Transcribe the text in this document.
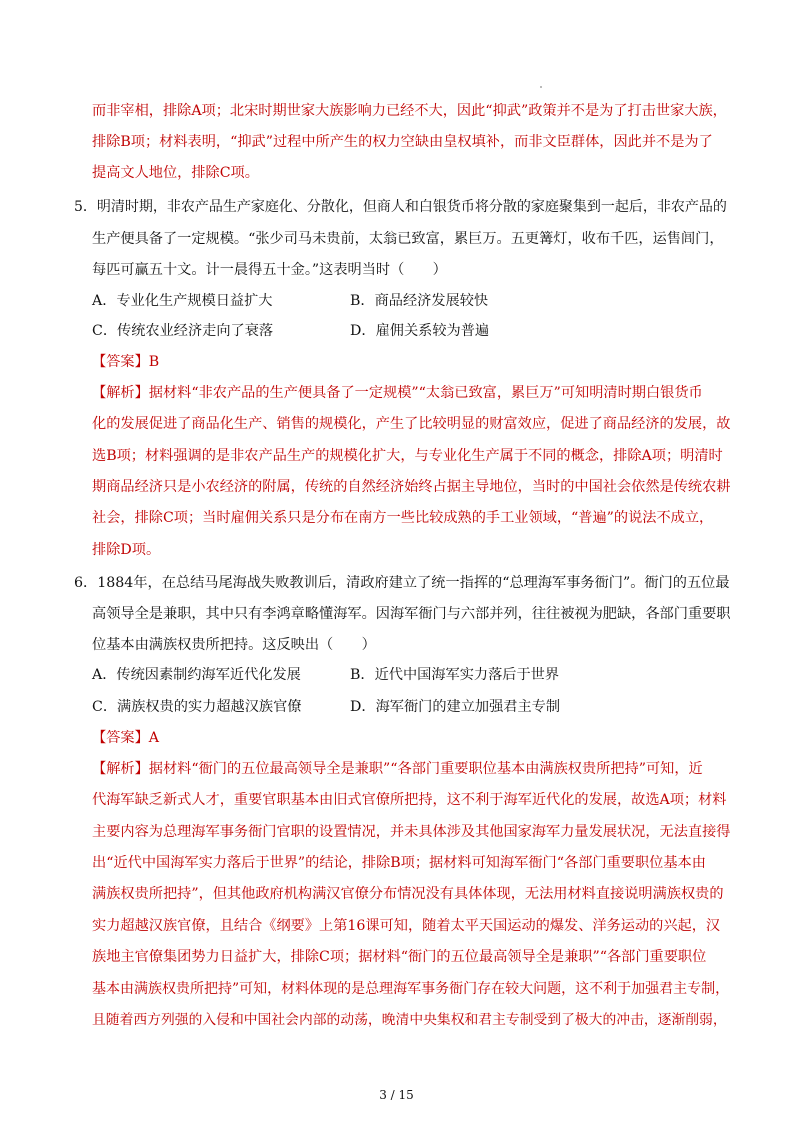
而非宰相，排除A项；北宋时期世家大族影响力已经不大，因此“抑武”政策并不是为了打击世家大族，
排除B项；材料表明，“抑武”过程中所产生的权力空缺由皇权填补，而非文臣群体，因此并不是为了
提高文人地位，排除C项。
5．明清时期，非农产品生产家庭化、分散化，但商人和白银货币将分散的家庭聚集到一起后，非农产品的
生产便具备了一定规模。“张少司马未贵前，太翁已致富，累巨万。五更篝灯，收布千匹，运售闾门，
每匹可赢五十文。计一晨得五十金。”这表明当时（　　）
A．专业化生产规模日益扩大	B．商品经济发展较快
C．传统农业经济走向了衰落	D．雇佣关系较为普遍
【答案】B
【解析】据材料“非农产品的生产便具备了一定规模”“太翁已致富，累巨万”可知明清时期白银货币
化的发展促进了商品化生产、销售的规模化，产生了比较明显的财富效应，促进了商品经济的发展，故
选B项；材料强调的是非农产品生产的规模化扩大，与专业化生产属于不同的概念，排除A项；明清时
期商品经济只是小农经济的附属，传统的自然经济始终占据主导地位，当时的中国社会依然是传统农耕
社会，排除C项；当时雇佣关系只是分布在南方一些比较成熟的手工业领域，“普遍”的说法不成立，
排除D项。
6．1884年，在总结马尾海战失败教训后，清政府建立了统一指挥的“总理海军事务衙门”。衙门的五位最
高领导全是兼职，其中只有李鸿章略懂海军。因海军衙门与六部并列，往往被视为肥缺，各部门重要职
位基本由满族权贵所把持。这反映出（　　）
A．传统因素制约海军近代化发展	B．近代中国海军实力落后于世界
C．满族权贵的实力超越汉族官僚	D．海军衙门的建立加强君主专制
【答案】A
【解析】据材料“衙门的五位最高领导全是兼职”“各部门重要职位基本由满族权贵所把持”可知，近
代海军缺乏新式人才，重要官职基本由旧式官僚所把持，这不利于海军近代化的发展，故选A项；材料
主要内容为总理海军事务衙门官职的设置情况，并未具体涉及其他国家海军力量发展状况，无法直接得
出“近代中国海军实力落后于世界”的结论，排除B项；据材料可知海军衙门“各部门重要职位基本由
满族权贵所把持”，但其他政府机构满汉官僚分布情况没有具体体现，无法用材料直接说明满族权贵的
实力超越汉族官僚，且结合《纲要》上第16课可知，随着太平天国运动的爆发、洋务运动的兴起，汉
族地主官僚集团势力日益扩大，排除C项；据材料“衙门的五位最高领导全是兼职”“各部门重要职位
基本由满族权贵所把持”可知，材料体现的是总理海军事务衙门存在较大问题，这不利于加强君主专制，
且随着西方列强的入侵和中国社会内部的动荡，晚清中央集权和君主专制受到了极大的冲击，逐渐削弱，
3 / 15
